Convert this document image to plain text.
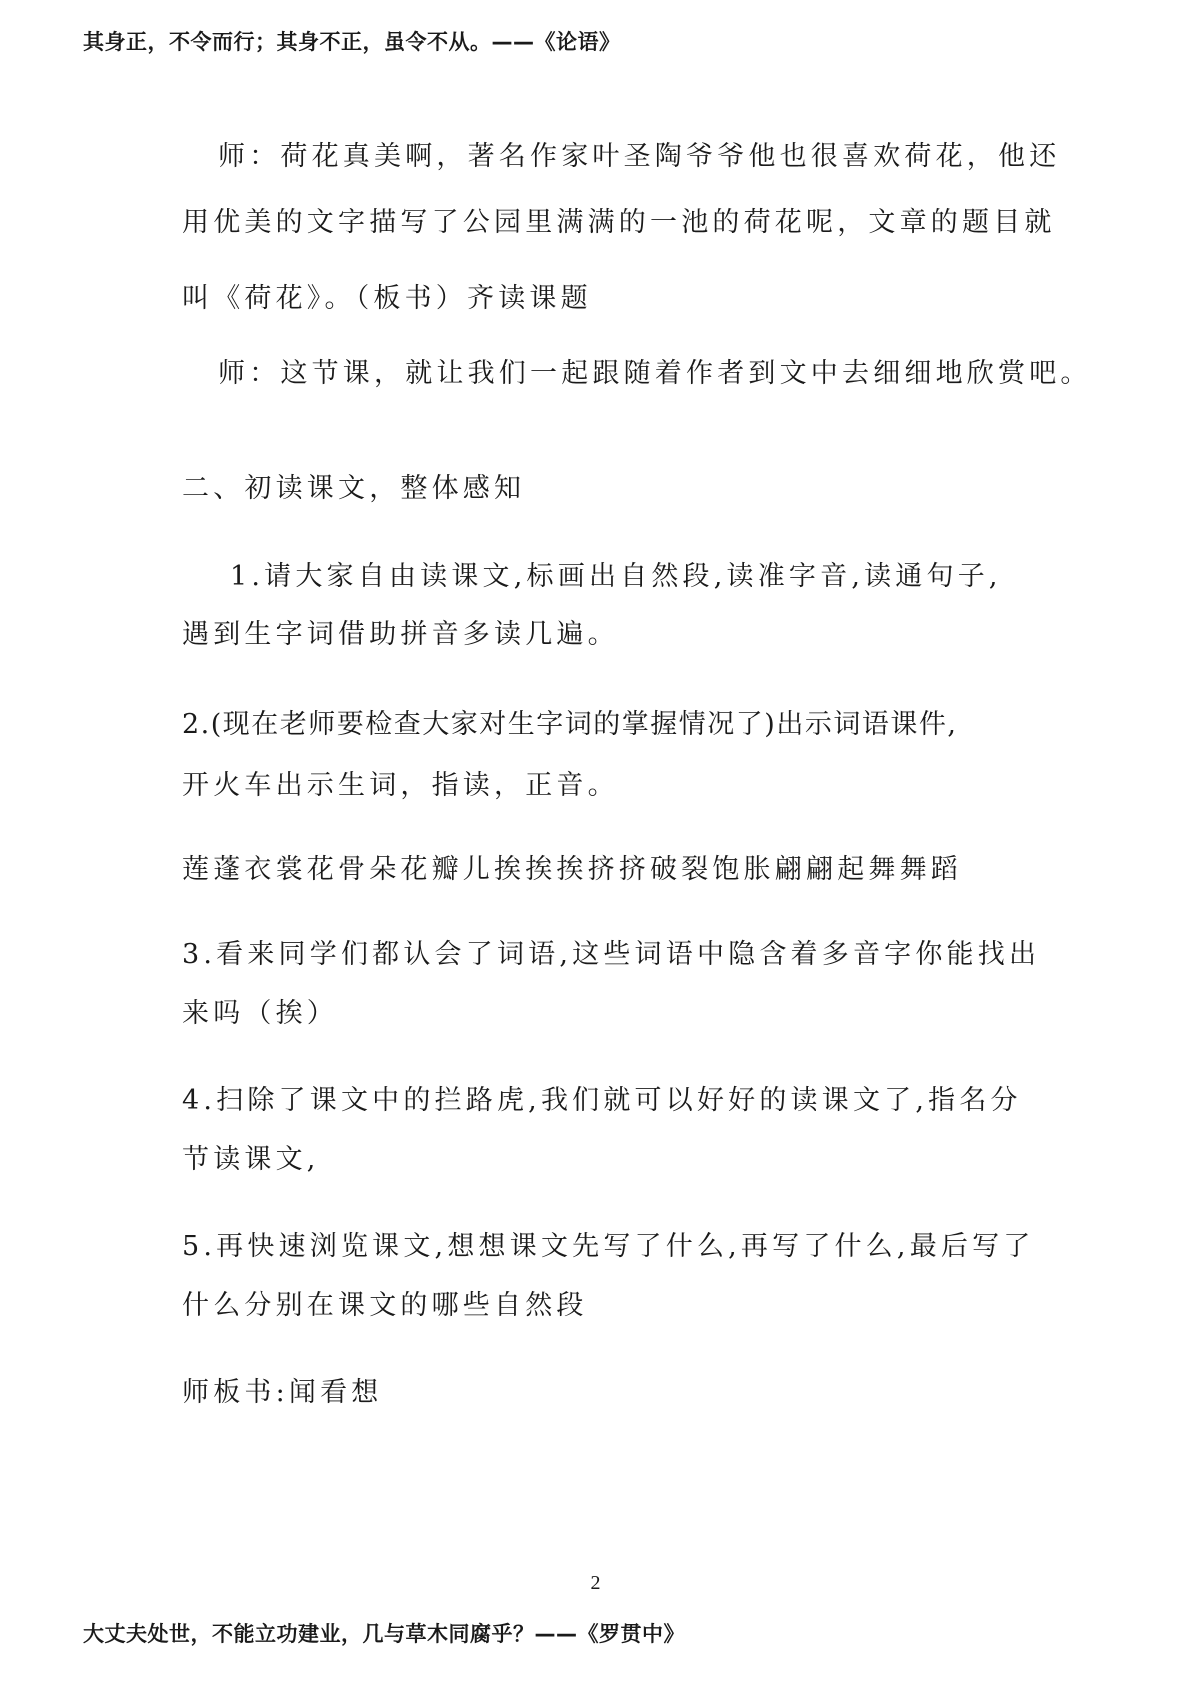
其身正，不令而行；其身不正，虽令不从。——《论语》
师：荷花真美啊，著名作家叶圣陶爷爷他也很喜欢荷花，他还
用优美的文字描写了公园里满满的一池的荷花呢，文章的题目就
叫《荷花》。（板书）齐读课题
师：这节课，就让我们一起跟随着作者到文中去细细地欣赏吧。
二、初读课文，整体感知
1.请大家自由读课文,标画出自然段,读准字音,读通句子,
遇到生字词借助拼音多读几遍。
2.(现在老师要检查大家对生字词的掌握情况了)出示词语课件,
开火车出示生词，指读，正音。
莲蓬衣裳花骨朵花瓣儿挨挨挨挤挤破裂饱胀翩翩起舞舞蹈
3.看来同学们都认会了词语,这些词语中隐含着多音字你能找出
来吗（挨）
4.扫除了课文中的拦路虎,我们就可以好好的读课文了,指名分
节读课文,
5.再快速浏览课文,想想课文先写了什么,再写了什么,最后写了
什么分别在课文的哪些自然段
师板书:闻看想
2
大丈夫处世，不能立功建业，几与草木同腐乎？——《罗贯中》
